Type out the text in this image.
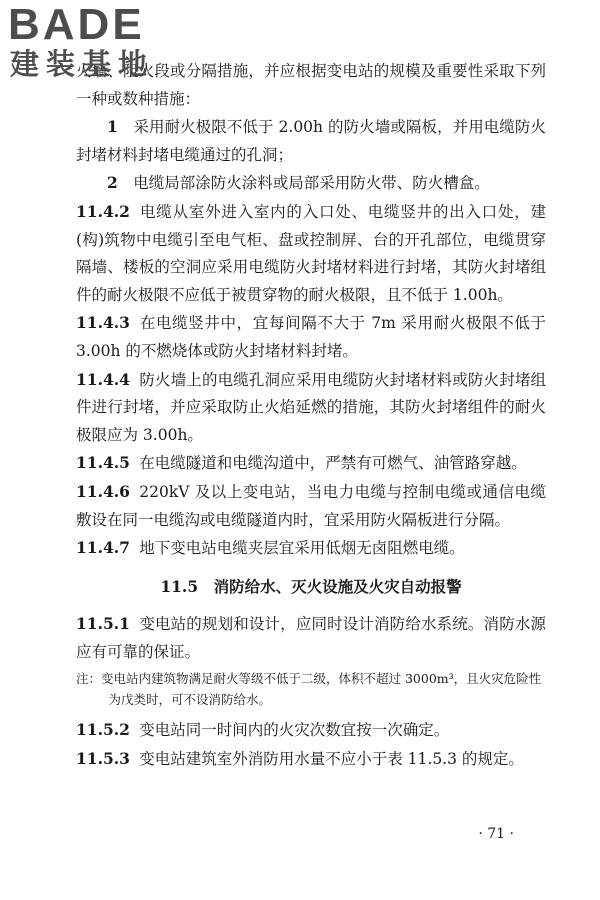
BADE
建装基地

火墙、阻火段或分隔措施，并应根据变电站的规模及重要性采取下列一种或数种措施：

1 采用耐火极限不低于 2.00h 的防火墙或隔板，并用电缆防火封堵材料封堵电缆通过的孔洞；

2 电缆局部涂防火涂料或局部采用防火带、防火槽盒。

11.4.2 电缆从室外进入室内的入口处、电缆竖井的出入口处，建(构)筑物中电缆引至电气柜、盘或控制屏、台的开孔部位，电缆贯穿隔墙、楼板的空洞应采用电缆防火封堵材料进行封堵，其防火封堵组件的耐火极限不应低于被贯穿物的耐火极限，且不低于 1.00h。

11.4.3 在电缆竖井中，宜每间隔不大于 7m 采用耐火极限不低于 3.00h 的不燃烧体或防火封堵材料封堵。

11.4.4 防火墙上的电缆孔洞应采用电缆防火封堵材料或防火封堵组件进行封堵，并应采取防止火焰延燃的措施，其防火封堵组件的耐火极限应为 3.00h。

11.4.5 在电缆隧道和电缆沟道中，严禁有可燃气、油管路穿越。

11.4.6 220kV 及以上变电站，当电力电缆与控制电缆或通信电缆敷设在同一电缆沟或电缆隧道内时，宜采用防火隔板进行分隔。

11.4.7 地下变电站电缆夹层宜采用低烟无卤阻燃电缆。

11.5　消防给水、灭火设施及火灾自动报警

11.5.1 变电站的规划和设计，应同时设计消防给水系统。消防水源应有可靠的保证。

注：变电站内建筑物满足耐火等级不低于二级，体积不超过 3000m³，且火灾危险性为戊类时，可不设消防给水。

11.5.2 变电站同一时间内的火灾次数宜按一次确定。

11.5.3 变电站建筑室外消防用水量不应小于表 11.5.3 的规定。

· 71 ·
